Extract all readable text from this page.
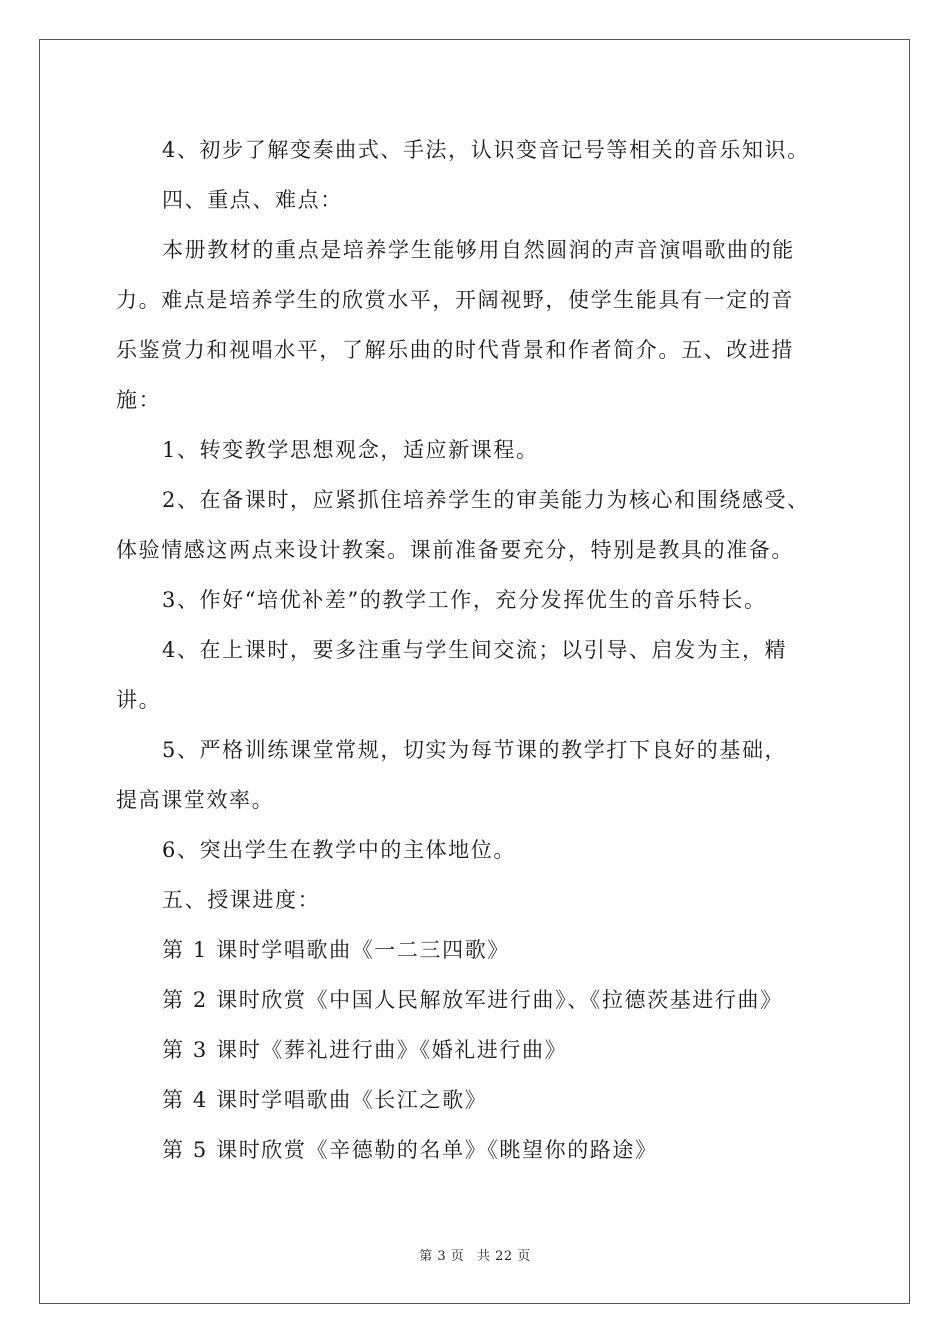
4、初步了解变奏曲式、手法，认识变音记号等相关的音乐知识。
四、重点、难点：
本册教材的重点是培养学生能够用自然圆润的声音演唱歌曲的能
力。难点是培养学生的欣赏水平，开阔视野，使学生能具有一定的音
乐鉴赏力和视唱水平，了解乐曲的时代背景和作者简介。五、改进措
施：
1、转变教学思想观念，适应新课程。
2、在备课时，应紧抓住培养学生的审美能力为核心和围绕感受、
体验情感这两点来设计教案。课前准备要充分，特别是教具的准备。
3、作好“培优补差”的教学工作，充分发挥优生的音乐特长。
4、在上课时，要多注重与学生间交流；以引导、启发为主，精
讲。
5、严格训练课堂常规，切实为每节课的教学打下良好的基础，
提高课堂效率。
6、突出学生在教学中的主体地位。
五、授课进度：
第 1 课时学唱歌曲《一二三四歌》
第 2 课时欣赏《中国人民解放军进行曲》、《拉德茨基进行曲》
第 3 课时《葬礼进行曲》《婚礼进行曲》
第 4 课时学唱歌曲《长江之歌》
第 5 课时欣赏《辛德勒的名单》《眺望你的路途》
第 3 页 共 22 页
